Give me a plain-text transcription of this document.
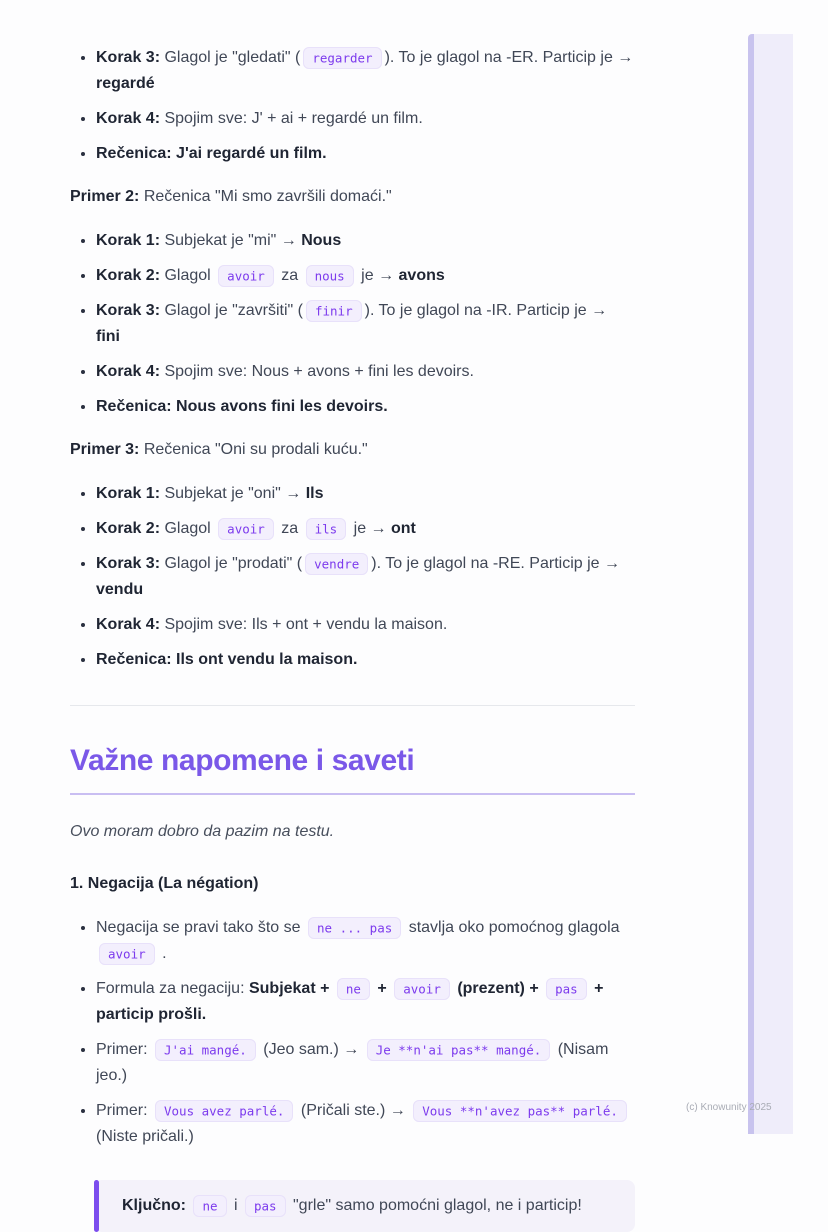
• Korak 3: Glagol je "gledati" ( regarder ). To je glagol na -ER. Particip je → regardé
• Korak 4: Spojim sve: J' + ai + regardé un film.
• Rečenica: J'ai regardé un film.

Primer 2: Rečenica "Mi smo završili domaći."

• Korak 1: Subjekat je "mi" → Nous
• Korak 2: Glagol avoir za nous je → avons
• Korak 3: Glagol je "završiti" ( finir ). To je glagol na -IR. Particip je → fini
• Korak 4: Spojim sve: Nous + avons + fini les devoirs.
• Rečenica: Nous avons fini les devoirs.

Primer 3: Rečenica "Oni su prodali kuću."

• Korak 1: Subjekat je "oni" → Ils
• Korak 2: Glagol avoir za ils je → ont
• Korak 3: Glagol je "prodati" ( vendre ). To je glagol na -RE. Particip je → vendu
• Korak 4: Spojim sve: Ils + ont + vendu la maison.
• Rečenica: Ils ont vendu la maison.
Važne napomene i saveti

Ovo moram dobro da pazim na testu.

1. Negacija (La négation)

• Negacija se pravi tako što se ne ... pas stavlja oko pomoćnog glagola avoir .
• Formula za negaciju: Subjekat + ne + avoir (prezent) + pas + particip prošli.
• Primer: J'ai mangé. (Jeo sam.) → Je **n'ai pas** mangé. (Nisam jeo.)
• Primer: Vous avez parlé. (Pričali ste.) → Vous **n'avez pas** parlé. (Niste pričali.)
Ključno: ne i pas "grle" samo pomoćni glagol, ne i particip!
(c) Knowunity 2025
